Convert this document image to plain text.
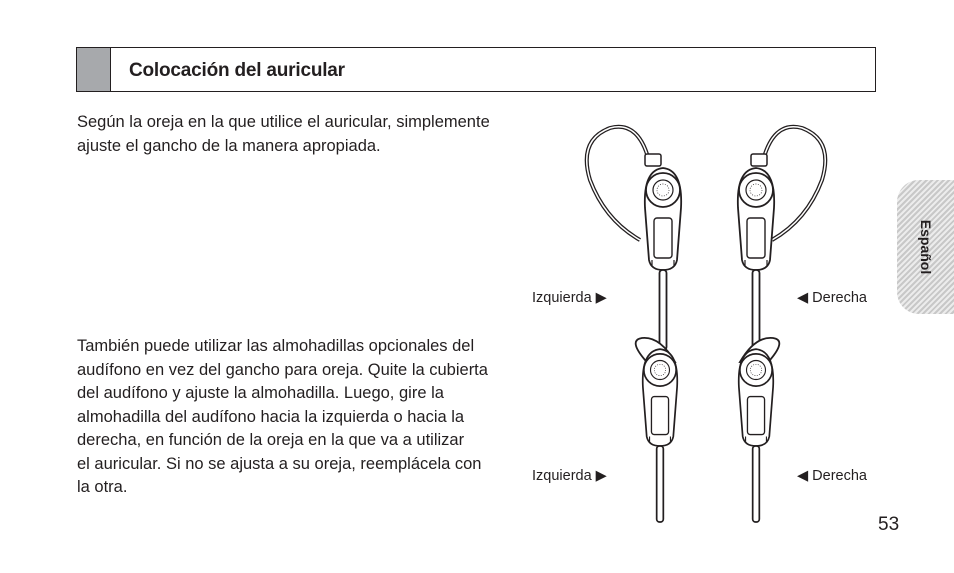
Colocación del auricular

Según la oreja en la que utilice el auricular, simplemente ajuste el gancho de la manera apropiada.

También puede utilizar las almohadillas opcionales del
audífono en vez del gancho para oreja. Quite la cubierta
del audífono y ajuste la almohadilla. Luego, gire la
almohadilla del audífono hacia la izquierda o hacia la
derecha, en función de la oreja en la que va a utilizar
el auricular. Si no se ajusta a su oreja, reemplácela con
la otra.
Izquierda ▶	◀ Derecha
Izquierda ▶	◀ Derecha
Español
53
